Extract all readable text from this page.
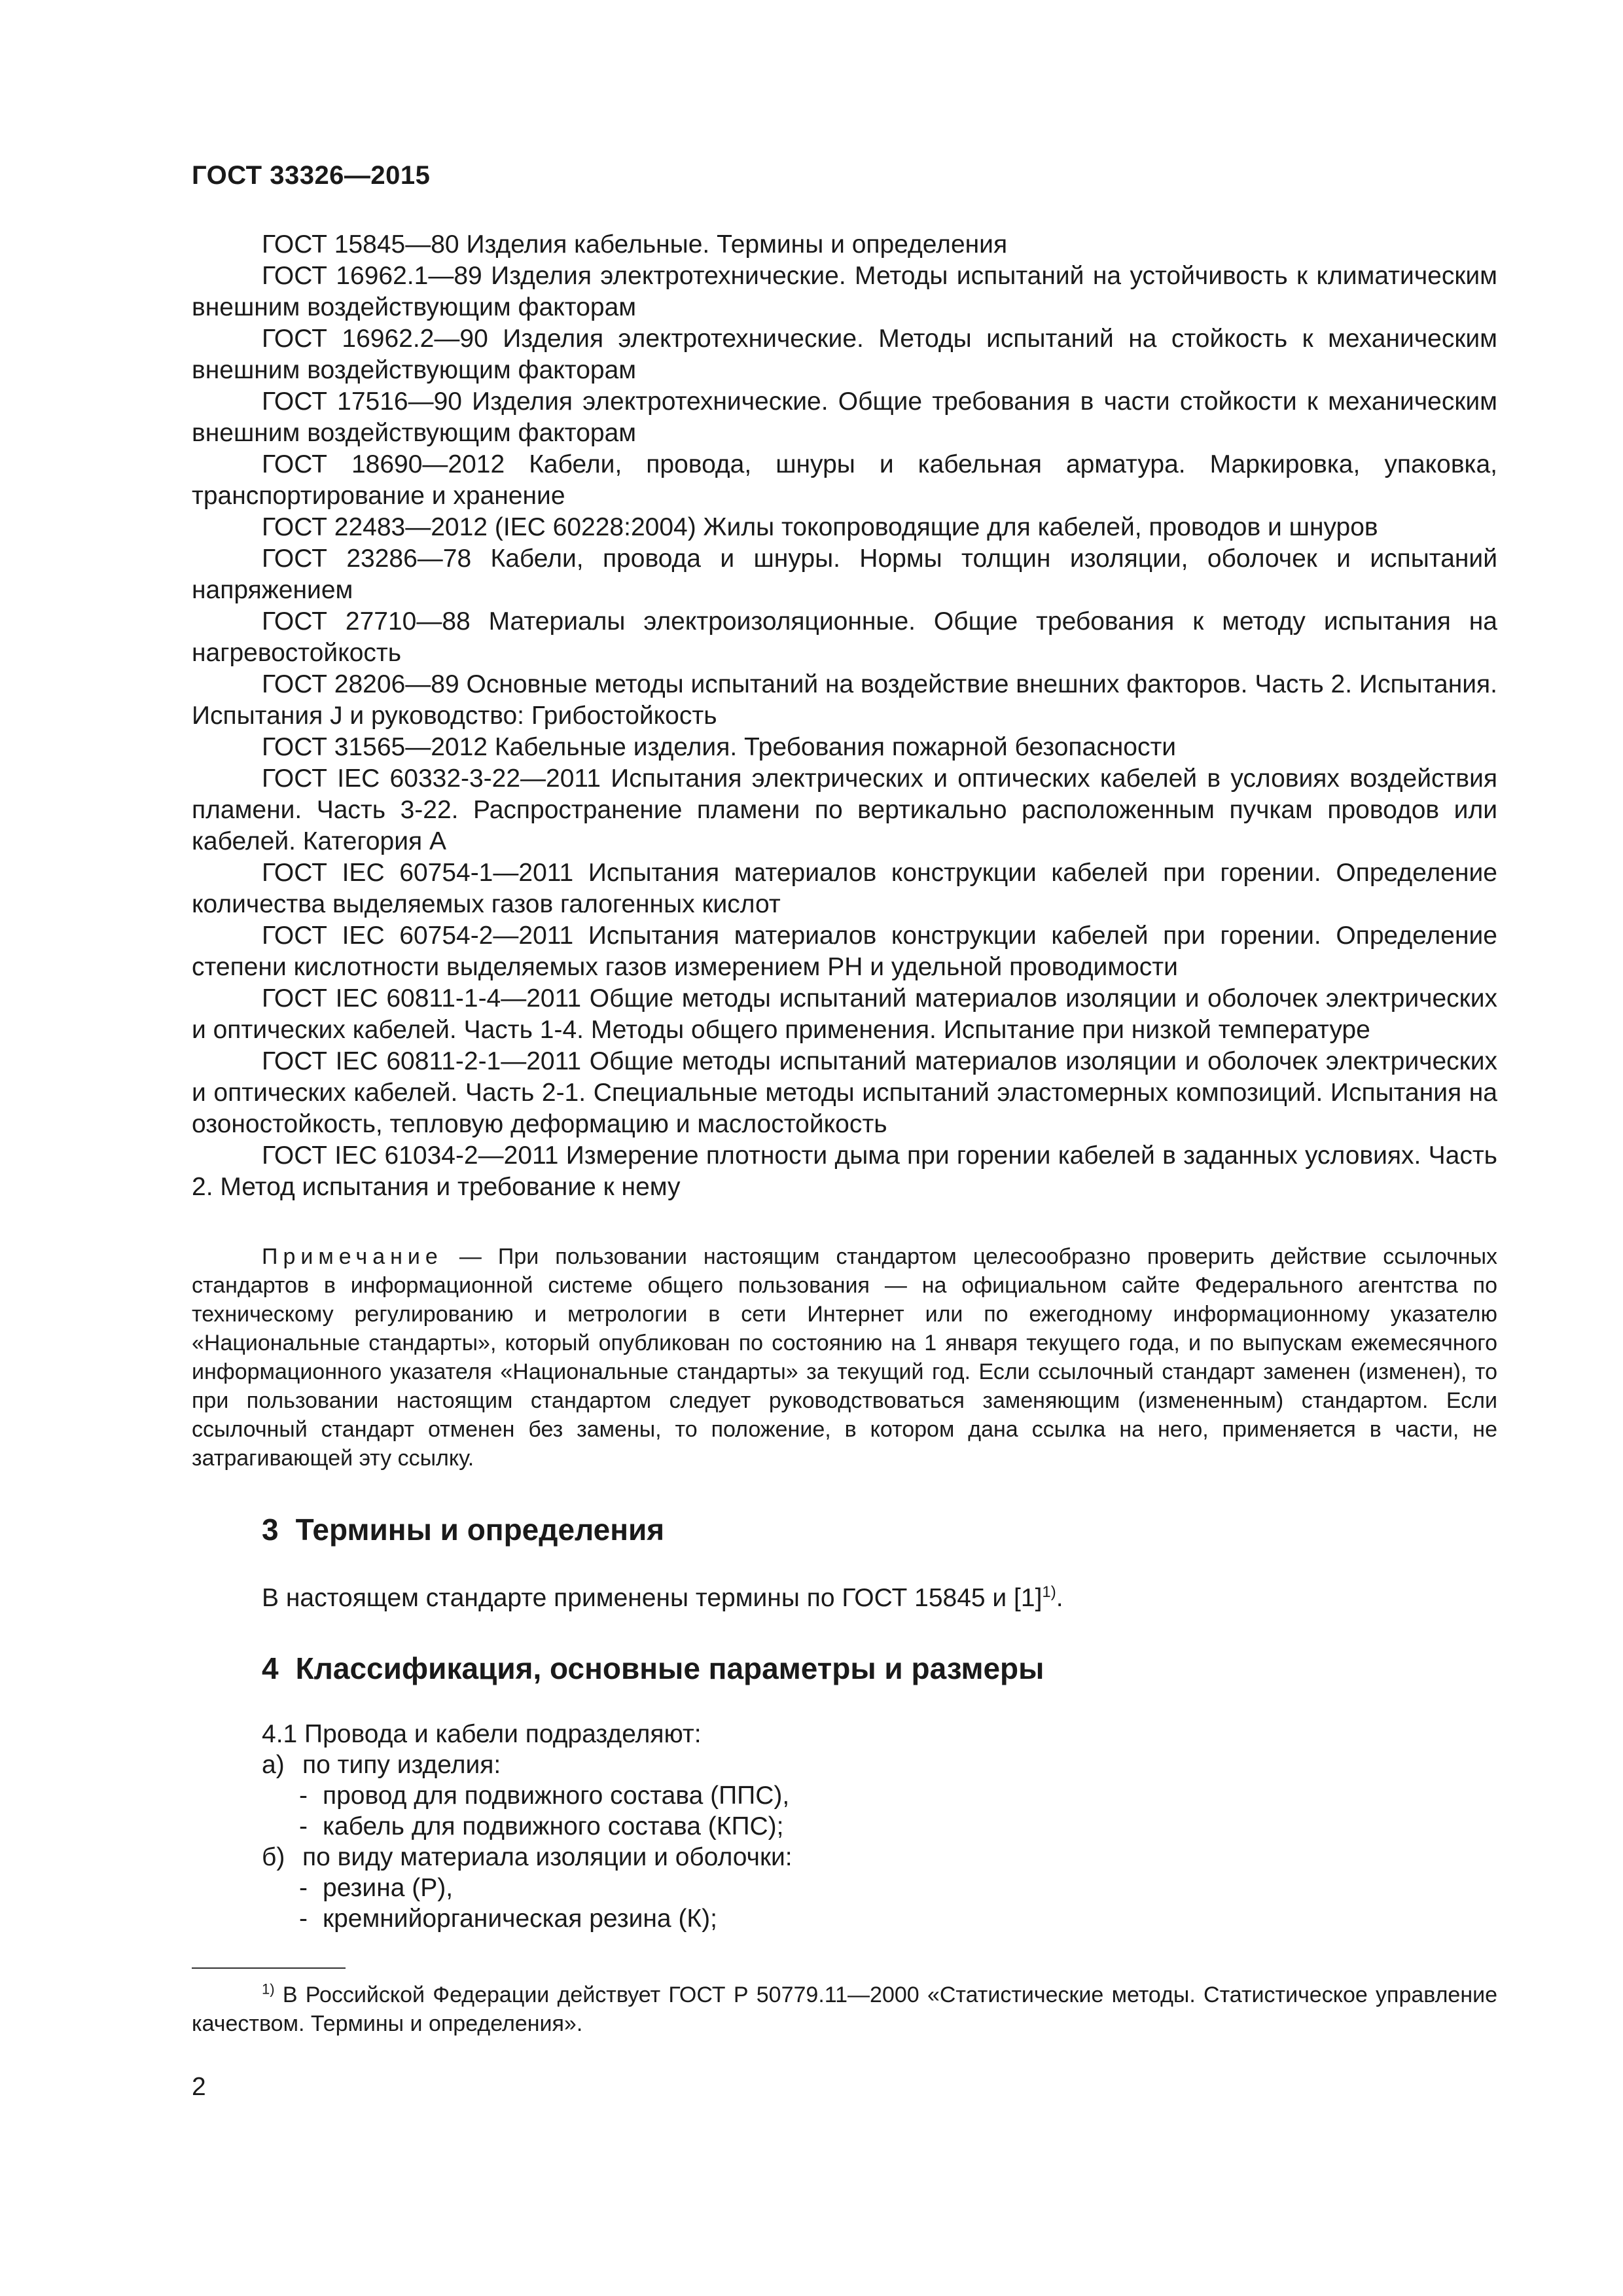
ГОСТ 33326—2015

ГОСТ 15845—80 Изделия кабельные. Термины и определения

ГОСТ 16962.1—89 Изделия электротехнические. Методы испытаний на устойчивость к климатическим внешним воздействующим факторам

ГОСТ 16962.2—90 Изделия электротехнические. Методы испытаний на стойкость к механическим внешним воздействующим факторам

ГОСТ 17516—90 Изделия электротехнические. Общие требования в части стойкости к механическим внешним воздействующим факторам

ГОСТ 18690—2012 Кабели, провода, шнуры и кабельная арматура. Маркировка, упаковка, транспортирование и хранение

ГОСТ 22483—2012 (IEC 60228:2004) Жилы токопроводящие для кабелей, проводов и шнуров

ГОСТ 23286—78 Кабели, провода и шнуры. Нормы толщин изоляции, оболочек и испытаний напряжением

ГОСТ 27710—88 Материалы электроизоляционные. Общие требования к методу испытания на нагревостойкость

ГОСТ 28206—89 Основные методы испытаний на воздействие внешних факторов. Часть 2. Испытания. Испытания J и руководство: Грибостойкость

ГОСТ 31565—2012 Кабельные изделия. Требования пожарной безопасности

ГОСТ IEC 60332-3-22—2011 Испытания электрических и оптических кабелей в условиях воздействия пламени. Часть 3-22. Распространение пламени по вертикально расположенным пучкам проводов или кабелей. Категория А

ГОСТ IEC 60754-1—2011 Испытания материалов конструкции кабелей при горении. Определение количества выделяемых газов галогенных кислот

ГОСТ IEC 60754-2—2011 Испытания материалов конструкции кабелей при горении. Определение степени кислотности выделяемых газов измерением PH и удельной проводимости

ГОСТ IEC 60811-1-4—2011 Общие методы испытаний материалов изоляции и оболочек электрических и оптических кабелей. Часть 1-4. Методы общего применения. Испытание при низкой температуре

ГОСТ IEC 60811-2-1—2011 Общие методы испытаний материалов изоляции и оболочек электрических и оптических кабелей. Часть 2-1. Специальные методы испытаний эластомерных композиций. Испытания на озоностойкость, тепловую деформацию и маслостойкость

ГОСТ IEC 61034-2—2011 Измерение плотности дыма при горении кабелей в заданных условиях. Часть 2. Метод испытания и требование к нему

Примечание — При пользовании настоящим стандартом целесообразно проверить действие ссылочных стандартов в информационной системе общего пользования — на официальном сайте Федерального агентства по техническому регулированию и метрологии в сети Интернет или по ежегодному информационному указателю «Национальные стандарты», который опубликован по состоянию на 1 января текущего года, и по выпускам ежемесячного информационного указателя «Национальные стандарты» за текущий год. Если ссылочный стандарт заменен (изменен), то при пользовании настоящим стандартом следует руководствоваться заменяющим (измененным) стандартом. Если ссылочный стандарт отменен без замены, то положение, в котором дана ссылка на него, применяется в части, не затрагивающей эту ссылку.

3 Термины и определения
В настоящем стандарте применены термины по ГОСТ 15845 и $[1]^{1)}$.
4 Классификация, основные параметры и размеры
4.1 Провода и кабели подразделяют:
а) по типу изделия:
- провод для подвижного состава (ППС),
- кабель для подвижного состава (КПС);
б) по виду материала изоляции и оболочки:
- резина (Р),
- кремнийорганическая резина (К);

$^{1)}$ В Российской Федерации действует ГОСТ Р 50779.11—2000 «Статистические методы. Статистическое управление качеством. Термины и определения».

2
